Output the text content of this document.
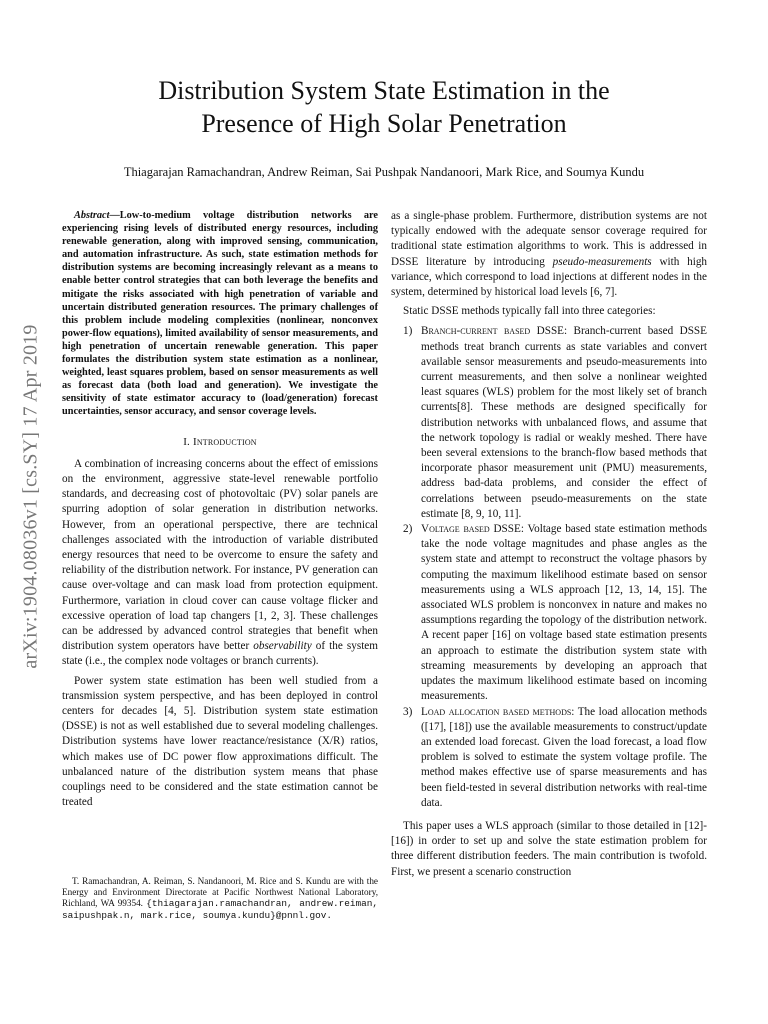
Distribution System State Estimation in the
Presence of High Solar Penetration

Thiagarajan Ramachandran, Andrew Reiman, Sai Pushpak Nandanoori, Mark Rice, and Soumya Kundu

arXiv:1904.08036v1 [cs.SY] 17 Apr 2019

Abstract—Low-to-medium voltage distribution networks are experiencing rising levels of distributed energy resources, including renewable generation, along with improved sensing, communication, and automation infrastructure. As such, state estimation methods for distribution systems are becoming increasingly relevant as a means to enable better control strategies that can both leverage the benefits and mitigate the risks associated with high penetration of variable and uncertain distributed generation resources. The primary challenges of this problem include modeling complexities (nonlinear, nonconvex power-flow equations), limited availability of sensor measurements, and high penetration of uncertain renewable generation. This paper formulates the distribution system state estimation as a nonlinear, weighted, least squares problem, based on sensor measurements as well as forecast data (both load and generation). We investigate the sensitivity of state estimator accuracy to (load/generation) forecast uncertainties, sensor accuracy, and sensor coverage levels.

I. Introduction

A combination of increasing concerns about the effect of emissions on the environment, aggressive state-level renewable portfolio standards, and decreasing cost of photovoltaic (PV) solar panels are spurring adoption of solar generation in distribution networks. However, from an operational perspective, there are technical challenges associated with the introduction of variable distributed energy resources that need to be overcome to ensure the safety and reliability of the distribution network. For instance, PV generation can cause over-voltage and can mask load from protection equipment. Furthermore, variation in cloud cover can cause voltage flicker and excessive operation of load tap changers [1, 2, 3]. These challenges can be addressed by advanced control strategies that benefit when distribution system operators have better observability of the system state (i.e., the complex node voltages or branch currents).

Power system state estimation has been well studied from a transmission system perspective, and has been deployed in control centers for decades [4, 5]. Distribution system state estimation (DSSE) is not as well established due to several modeling challenges. Distribution systems have lower reactance/resistance (X/R) ratios, which makes use of DC power flow approximations difficult. The unbalanced nature of the distribution system means that phase couplings need to be considered and the state estimation cannot be treated

T. Ramachandran, A. Reiman, S. Nandanoori, M. Rice and S. Kundu are with the Energy and Environment Directorate at Pacific Northwest National Laboratory, Richland, WA 99354. {thiagarajan.ramachandran, andrew.reiman, saipushpak.n, mark.rice, soumya.kundu}@pnnl.gov.

as a single-phase problem. Furthermore, distribution systems are not typically endowed with the adequate sensor coverage required for traditional state estimation algorithms to work. This is addressed in DSSE literature by introducing pseudo-measurements with high variance, which correspond to load injections at different nodes in the system, determined by historical load levels [6, 7].

Static DSSE methods typically fall into three categories:

1) Branch-current based DSSE: Branch-current based DSSE methods treat branch currents as state variables and convert available sensor measurements and pseudo-measurements into current measurements, and then solve a nonlinear weighted least squares (WLS) problem for the most likely set of branch currents[8]. These methods are designed specifically for distribution networks with unbalanced flows, and assume that the network topology is radial or weakly meshed. There have been several extensions to the branch-flow based methods that incorporate phasor measurement unit (PMU) measurements, address bad-data problems, and consider the effect of correlations between pseudo-measurements on the state estimate [8, 9, 10, 11].
2) Voltage based DSSE: Voltage based state estimation methods take the node voltage magnitudes and phase angles as the system state and attempt to reconstruct the voltage phasors by computing the maximum likelihood estimate based on sensor measurements using a WLS approach [12, 13, 14, 15]. The associated WLS problem is nonconvex in nature and makes no assumptions regarding the topology of the distribution network. A recent paper [16] on voltage based state estimation presents an approach to estimate the distribution system state with streaming measurements by developing an approach that updates the maximum likelihood estimate based on incoming measurements.
3) Load allocation based methods: The load allocation methods ([17], [18]) use the available measurements to construct/update an extended load forecast. Given the load forecast, a load flow problem is solved to estimate the system voltage profile. The method makes effective use of sparse measurements and has been field-tested in several distribution networks with real-time data.

This paper uses a WLS approach (similar to those detailed in [12]-[16]) in order to set up and solve the state estimation problem for three different distribution feeders. The main contribution is twofold. First, we present a scenario construction
